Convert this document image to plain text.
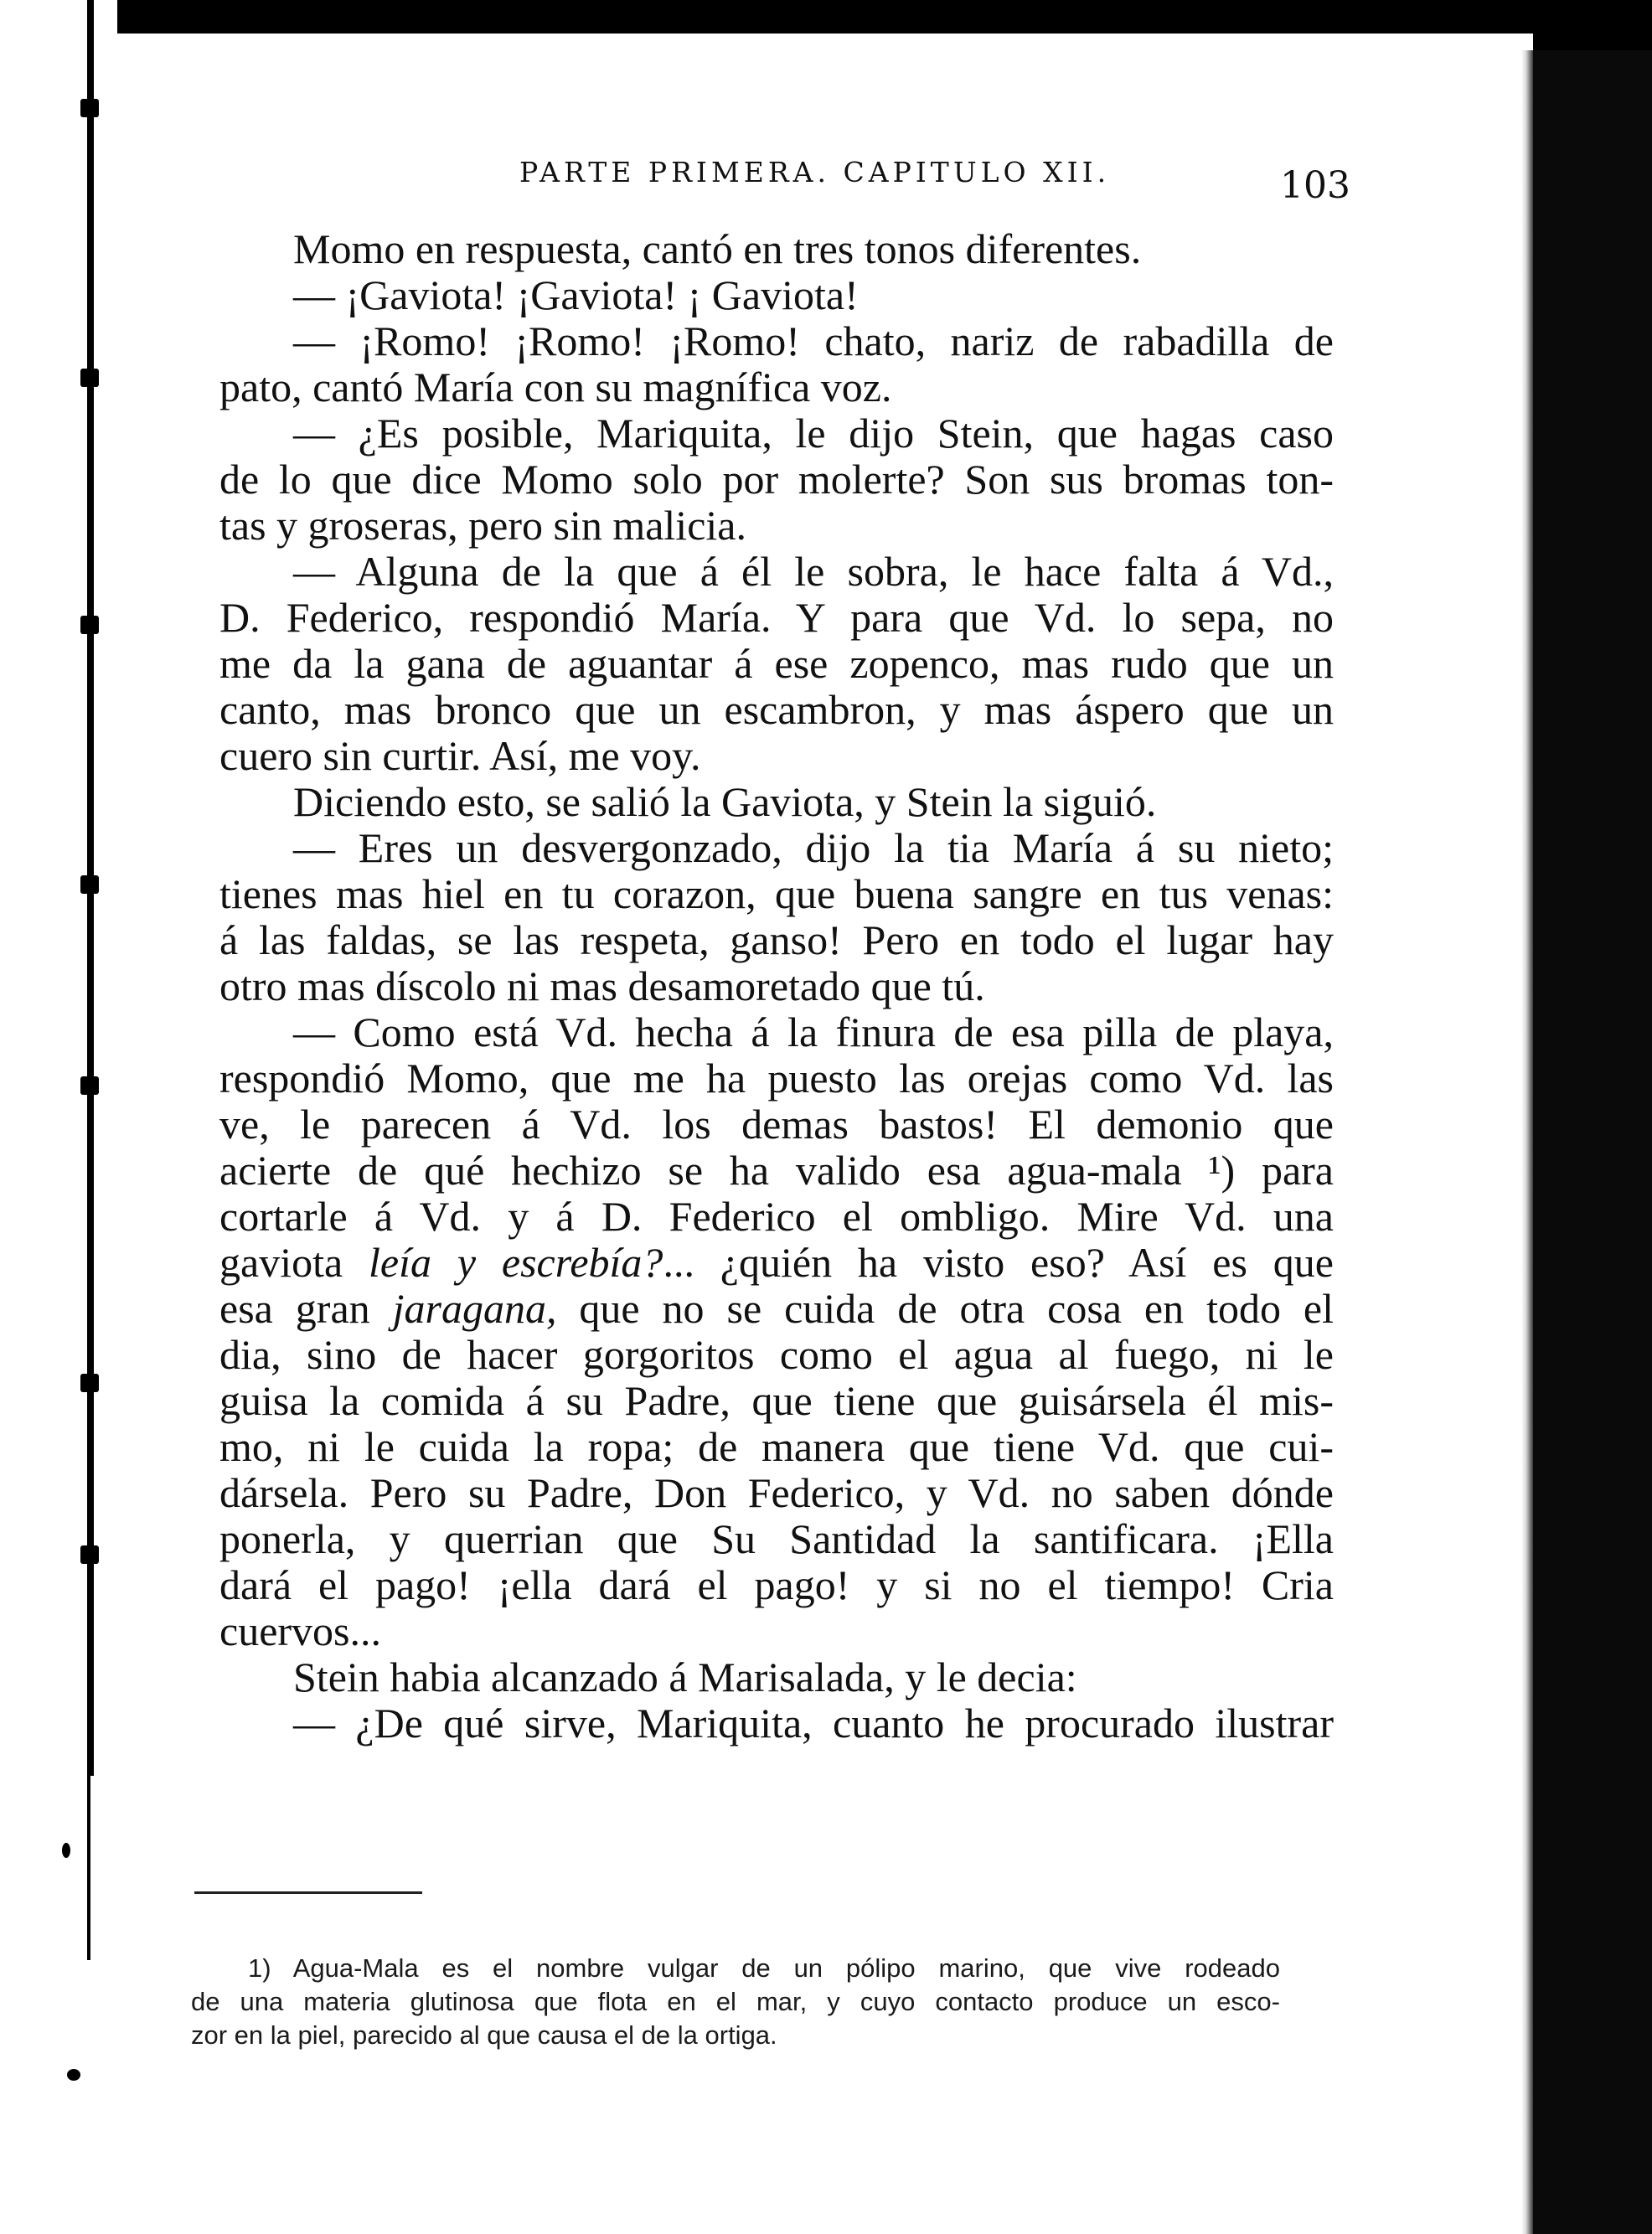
PARTE PRIMERA. CAPITULO XII.	103
Momo en respuesta, cantó en tres tonos diferentes.
— ¡Gaviota! ¡Gaviota! ¡ Gaviota!
— ¡Romo! ¡Romo! ¡Romo! chato, nariz de rabadilla de
pato, cantó María con su magnífica voz.
— ¿Es posible, Mariquita, le dijo Stein, que hagas caso
de lo que dice Momo solo por molerte? Son sus bromas ton-
tas y groseras, pero sin malicia.
— Alguna de la que á él le sobra, le hace falta á Vd.,
D. Federico, respondió María. Y para que Vd. lo sepa, no
me da la gana de aguantar á ese zopenco, mas rudo que un
canto, mas bronco que un escambron, y mas áspero que un
cuero sin curtir. Así, me voy.
Diciendo esto, se salió la Gaviota, y Stein la siguió.
— Eres un desvergonzado, dijo la tia María á su nieto;
tienes mas hiel en tu corazon, que buena sangre en tus venas:
á las faldas, se las respeta, ganso! Pero en todo el lugar hay
otro mas díscolo ni mas desamoretado que tú.
— Como está Vd. hecha á la finura de esa pilla de playa,
respondió Momo, que me ha puesto las orejas como Vd. las
ve, le parecen á Vd. los demas bastos! El demonio que
acierte de qué hechizo se ha valido esa agua-mala ¹) para
cortarle á Vd. y á D. Federico el ombligo. Mire Vd. una
gaviota leía y escrebía?... ¿quién ha visto eso? Así es que
esa gran jaragana, que no se cuida de otra cosa en todo el
dia, sino de hacer gorgoritos como el agua al fuego, ni le
guisa la comida á su Padre, que tiene que guisársela él mis-
mo, ni le cuida la ropa; de manera que tiene Vd. que cui-
dársela. Pero su Padre, Don Federico, y Vd. no saben dónde
ponerla, y querrian que Su Santidad la santificara. ¡Ella
dará el pago! ¡ella dará el pago! y si no el tiempo! Cria
cuervos...
Stein habia alcanzado á Marisalada, y le decia:
— ¿De qué sirve, Mariquita, cuanto he procurado ilustrar
1) Agua-Mala es el nombre vulgar de un pólipo marino, que vive rodeado
de una materia glutinosa que flota en el mar, y cuyo contacto produce un esco-
zor en la piel, parecido al que causa el de la ortiga.
